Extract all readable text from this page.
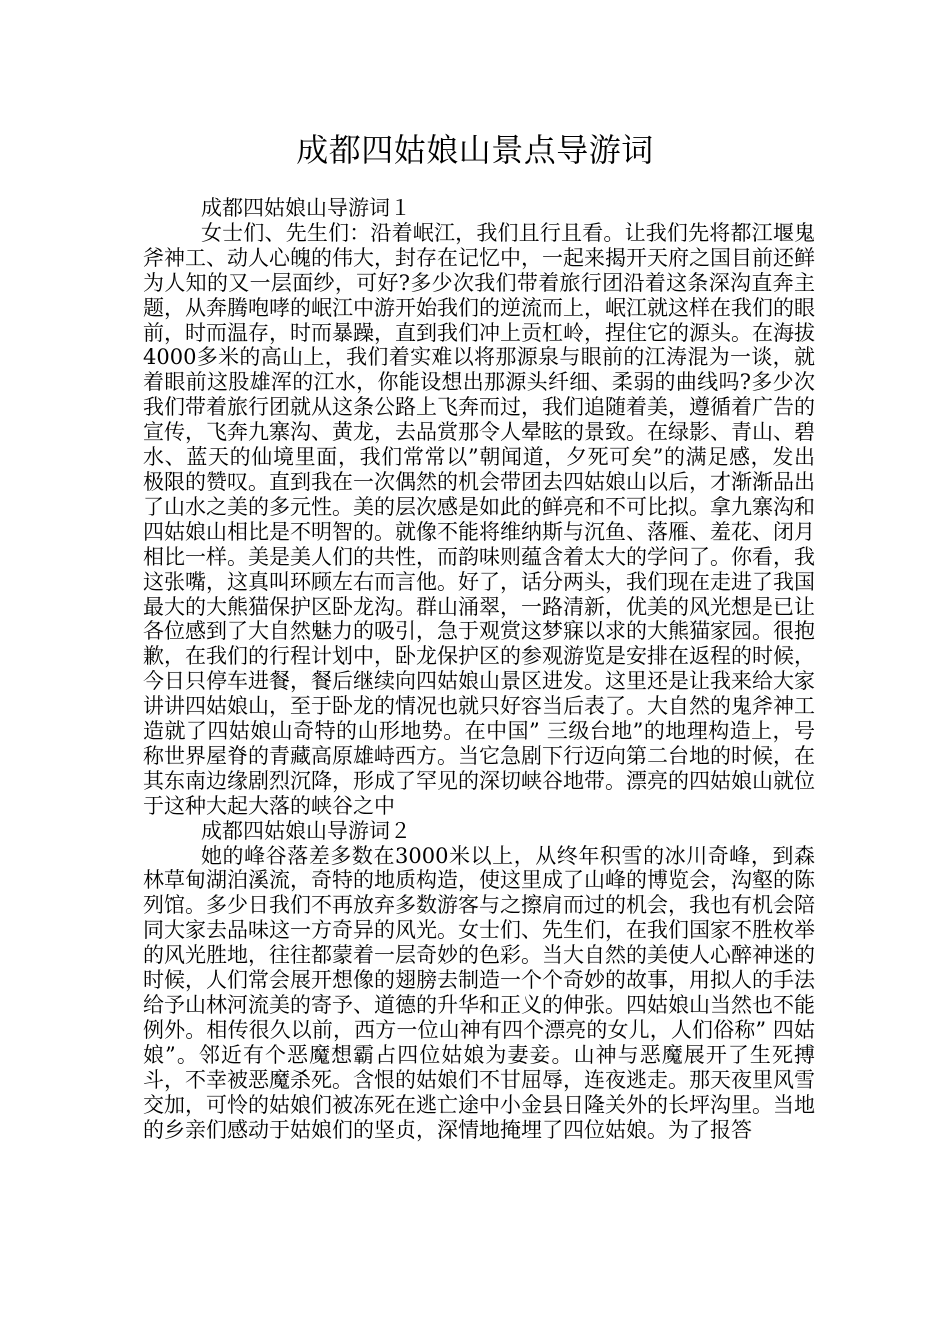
成都四姑娘山景点导游词

成都四姑娘山导游词１

女士们、先生们：沿着岷江，我们且行且看。让我们先将都江堰鬼斧神工、动人心魄的伟大，封存在记忆中，一起来揭开天府之国目前还鲜为人知的又一层面纱，可好?多少次我们带着旅行团沿着这条深沟直奔主题，从奔腾咆哮的岷江中游开始我们的逆流而上，岷江就这样在我们的眼前，时而温存，时而暴躁，直到我们冲上贡杠岭，捏住它的源头。在海拔4000多米的高山上，我们着实难以将那源泉与眼前的江涛混为一谈，就着眼前这股雄浑的江水，你能设想出那源头纤细、柔弱的曲线吗?多少次我们带着旅行团就从这条公路上飞奔而过，我们追随着美，遵循着广告的宣传，飞奔九寨沟、黄龙，去品赏那令人晕眩的景致。在绿影、青山、碧水、蓝天的仙境里面，我们常常以”朝闻道，夕死可矣”的满足感，发出极限的赞叹。直到我在一次偶然的机会带团去四姑娘山以后，才渐渐品出了山水之美的多元性。美的层次感是如此的鲜亮和不可比拟。拿九寨沟和四姑娘山相比是不明智的。就像不能将维纳斯与沉鱼、落雁、羞花、闭月相比一样。美是美人们的共性，而韵味则蕴含着太大的学问了。你看，我这张嘴，这真叫环顾左右而言他。好了，话分两头，我们现在走进了我国最大的大熊猫保护区卧龙沟。群山涌翠，一路清新，优美的风光想是已让各位感到了大自然魅力的吸引，急于观赏这梦寐以求的大熊猫家园。很抱歉，在我们的行程计划中，卧龙保护区的参观游览是安排在返程的时候，今日只停车进餐，餐后继续向四姑娘山景区进发。这里还是让我来给大家讲讲四姑娘山，至于卧龙的情况也就只好容当后表了。大自然的鬼斧神工造就了四姑娘山奇特的山形地势。在中国” 三级台地”的地理构造上，号称世界屋脊的青藏高原雄峙西方。当它急剧下行迈向第二台地的时候，在其东南边缘剧烈沉降，形成了罕见的深切峡谷地带。漂亮的四姑娘山就位于这种大起大落的峡谷之中

成都四姑娘山导游词２

她的峰谷落差多数在3000米以上，从终年积雪的冰川奇峰，到森林草甸湖泊溪流，奇特的地质构造，使这里成了山峰的博览会，沟壑的陈列馆。多少日我们不再放弃多数游客与之擦肩而过的机会，我也有机会陪同大家去品味这一方奇异的风光。女士们、先生们，在我们国家不胜枚举的风光胜地，往往都蒙着一层奇妙的色彩。当大自然的美使人心醉神迷的时候，人们常会展开想像的翅膀去制造一个个奇妙的故事，用拟人的手法给予山林河流美的寄予、道德的升华和正义的伸张。四姑娘山当然也不能例外。相传很久以前，西方一位山神有四个漂亮的女儿，人们俗称” 四姑娘”。邻近有个恶魔想霸占四位姑娘为妻妾。山神与恶魔展开了生死搏斗，不幸被恶魔杀死。含恨的姑娘们不甘屈辱，连夜逃走。那天夜里风雪交加，可怜的姑娘们被冻死在逃亡途中小金县日隆关外的长坪沟里。当地的乡亲们感动于姑娘们的坚贞，深情地掩埋了四位姑娘。为了报答
